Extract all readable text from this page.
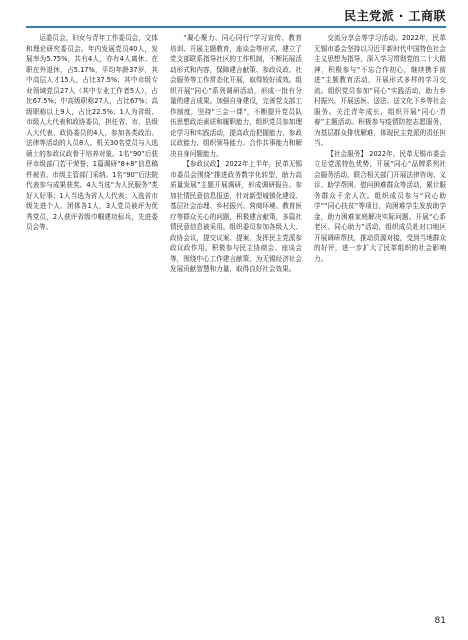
民主党派 · 工商联

运委员会，妇女与青年工作委员会，文体和理论研究委员会。年内发展党员40人，发展率为5.75%，共有4人，亦有4人离休、在职在外退休，占5.17%，平均年龄37岁，其中高层人才15人，占比37.5%；其中市级专业领域党员27人（其中专业工作者5人），占比67.5%；中高级职称27人，占比67%；高级职称以上9人，占比22.5%；1人为省级、市级人大代表和政协委员，担任省、市、县级人大代表、政协委员的4人，参加各类政治、法律等活动的人员8人。机关30名党员与入选硕士的参政议政骨干培养对象。1名“90”后获评市级部门若干荣誉；1篇调研“8+8”信息稿件被省、市级主管部门采纳。1名“90”后法院代表参与成果获奖。4人当选“为人民服务”类好人好事；1人当选为省人大代表；入选省市级先进个人、团体各1人，3人党员被评为优秀党员，2人获评省级巾帼建功标兵，先进委员会等。

“凝心聚力、同心同行”学习宣传、教育培训、开展主题教育，座谈会等形式，建立了党支部联系指导社区的工作机制，不断拓展活动形式和内容，保障建言献策、参政议政、社会服务等工作常态化开展，取得较好成效。组织开展“同心”系列调研活动，形成一批有分量的建言成果。加强自身建设，完善党支部工作制度，坚持“三会一课”，不断提升党员队伍思想政治素质和履职能力，组织党员参加理论学习和实践活动，提高政治把握能力、参政议政能力、组织领导能力、合作共事能力和解决自身问题能力。

【参政议政】 2022年上半年，民革无锡市委员会围绕“推进政务数字化转型，助力高质量发展”主题开展调研，形成调研报告。参加社情民意信息报送，针对新型城镇化建设、基层社会治理、乡村振兴、营商环境、教育医疗等群众关心的问题，积极建言献策，多篇社情民意信息被采用。组织委员参加各级人大、政协会议，提交议案、提案，发挥民主党派参政议政作用。积极参与民主协商会、座谈会等，围绕中心工作建言献策，为无锡经济社会发展贡献智慧和力量，取得良好社会效果。

交流分享会等学习活动。2022年，民革无锡市委会坚持以习近平新时代中国特色社会主义思想为指导，深入学习贯彻党的二十大精神，积极参与“不忘合作初心，继续携手前进”主题教育活动，开展形式多样的学习交流。组织党员参加“同心”实践活动，助力乡村振兴，开展送医、送法、送文化下乡等社会服务。关注青年成长，组织开展“同心·青春”主题活动。积极参与疫情防控志愿服务，为基层群众排忧解难，体现民主党派的责任担当。

【社会服务】 2022年，民革无锡市委会立足党派特色优势，开展“同心”品牌系列社会服务活动，联合相关部门开展法律咨询、义诊、助学帮困、慰问困难群众等活动，累计服务群众千余人次。组织成员参与“同心助学”“同心扶贫”等项目，向困难学生发放助学金，助力困难家庭解决实际问题。开展“心系老区、同心助力”活动，组织成员赴对口地区开展调研帮扶，推动资源对接，受到当地群众的好评，进一步扩大了民革组织的社会影响力。

81
